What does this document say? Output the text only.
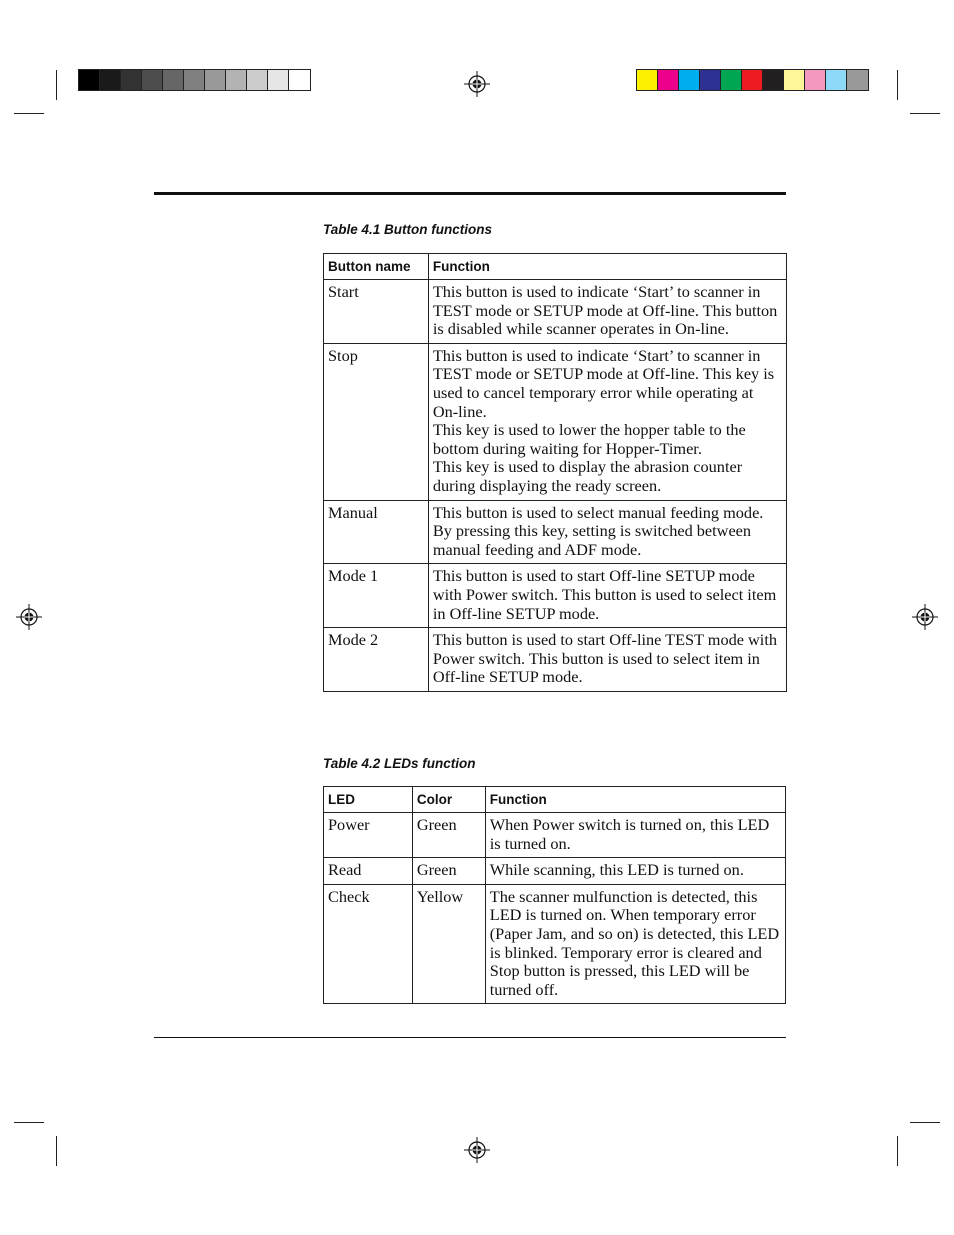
Table 4.1 Button functions
Button name	Function
Start	This button is used to indicate ‘Start’ to scanner in TEST mode or SETUP mode at Off-line. This button is disabled while scanner operates in On-line.

Stop	This button is used to indicate ‘Start’ to scanner in TEST mode or SETUP mode at Off-line. This key is used to cancel temporary error while operating at On-line.
This key is used to lower the hopper table to the bottom during waiting for Hopper-Timer.
This key is used to display the abrasion counter during displaying the ready screen.

Manual	This button is used to select manual feeding mode. By pressing this key, setting is switched between manual feeding and ADF mode.

Mode 1	This button is used to start Off-line SETUP mode with Power switch. This button is used to select item in Off-line SETUP mode.

Mode 2	This button is used to start Off-line TEST mode with Power switch. This button is used to select item in Off-line SETUP mode.
Table 4.2 LEDs function
LED	Color	Function
Power	Green	When Power switch is turned on, this LED is turned on.
Read	Green	While scanning, this LED is turned on.
Check	Yellow	The scanner mulfunction is detected, this LED is turned on. When temporary error (Paper Jam, and so on) is detected, this LED is blinked. Temporary error is cleared and Stop button is pressed, this LED will be turned off.
